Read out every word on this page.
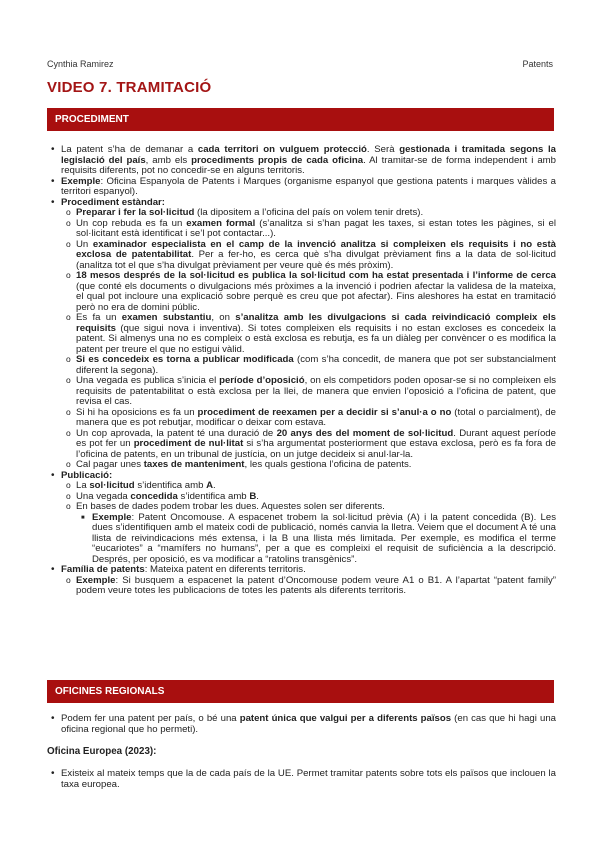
Cynthia Ramirez	Patents
VIDEO 7. TRAMITACIÓ
PROCEDIMENT
• La patent s’ha de demanar a cada territori on vulguem protecció. Serà gestionada i tramitada segons la legislació del país, amb els procediments propis de cada oficina. Al tramitar-se de forma independent i amb requisits diferents, pot no concedir-se en alguns territoris.
• Exemple: Oficina Espanyola de Patents i Marques (organisme espanyol que gestiona patents i marques vàlides a territori espanyol).
• Procediment estàndar:
o Preparar i fer la sol·licitud (la dipositem a l’oficina del país on volem tenir drets).
o Un cop rebuda es fa un examen formal (s’analitza si s’han pagat les taxes, si estan totes les pàgines, si el sol·licitant està identificat i se’l pot contactar...).
o Un examinador especialista en el camp de la invenció analitza si compleixen els requisits i no està exclosa de patentabilitat. Per a fer-ho, es cerca què s’ha divulgat prèviament fins a la data de sol·licitud (analitza tot el que s’ha divulgat prèviament per veure què és més pròxim).
o 18 mesos després de la sol·licitud es publica la sol·licitud com ha estat presentada i l’informe de cerca (que conté els documents o divulgacions més pròximes a la invenció i podrien afectar la validesa de la mateixa, el qual pot incloure una explicació sobre perquè es creu que pot afectar). Fins aleshores ha estat en tramitació però no era de domini públic.
o Es fa un examen substantiu, on s’analitza amb les divulgacions si cada reivindicació compleix els requisits (que sigui nova i inventiva). Si totes compleixen els requisits i no estan excloses es concedeix la patent. Si almenys una no es compleix o està exclosa es rebutja, es fa un diàleg per convèncer o es modifica la patent per treure el que no estigui vàlid.
o Si es concedeix es torna a publicar modificada (com s’ha concedit, de manera que pot ser substancialment diferent la segona).
o Una vegada es publica s’inicia el període d’oposició, on els competidors poden oposar-se si no compleixen els requisits de patentabilitat o està exclosa per la llei, de manera que envien l’oposició a l’oficina de patent, que revisa el cas.
o Si hi ha oposicions es fa un procediment de reexamen per a decidir si s’anul·a o no (total o parcialment), de manera que es pot rebutjar, modificar o deixar com estava.
o Un cop aprovada, la patent té una duració de 20 anys des del moment de sol·licitud. Durant aquest període es pot fer un procediment de nul·litat si s’ha argumentat posteriorment que estava exclosa, però es fa fora de l’oficina de patents, en un tribunal de justícia, on un jutge decideix si anul·lar-la.
o Cal pagar unes taxes de manteniment, les quals gestiona l’oficina de patents.
• Publicació:
o La sol·licitud s’identifica amb A.
o Una vegada concedida s’identifica amb B.
o En bases de dades podem trobar les dues. Aquestes solen ser diferents.
■ Exemple: Patent Oncomouse. A espacenet trobem la sol·licitud prèvia (A) i la patent concedida (B). Les dues s’identifiquen amb el mateix codi de publicació, només canvia la lletra. Veiem que el document A té una llista de reivindicacions més extensa, i la B una llista més limitada. Per exemple, es modifica el terme “eucariotes” a “mamífers no humans”, per a que es compleixi el requisit de suficiència a la descripció. Després, per oposició, es va modificar a “ratolins transgènics”.
• Família de patents: Mateixa patent en diferents territoris.
o Exemple: Si busquem a espacenet la patent d’Oncomouse podem veure A1 o B1. A l’apartat “patent family” podem veure totes les publicacions de totes les patents als diferents territoris.
OFICINES REGIONALS
• Podem fer una patent per país, o bé una patent única que valgui per a diferents països (en cas que hi hagi una oficina regional que ho permeti).

Oficina Europea (2023):

• Existeix al mateix temps que la de cada país de la UE. Permet tramitar patents sobre tots els països que inclouen la taxa europea.
